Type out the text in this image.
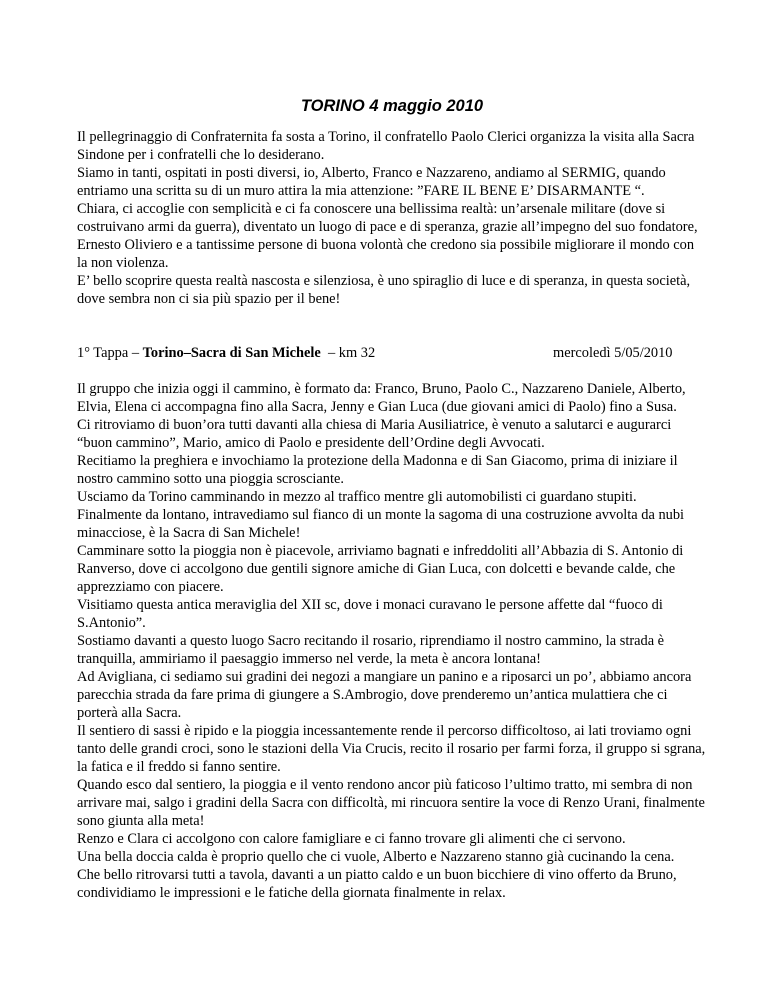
TORINO 4 maggio 2010

Il pellegrinaggio di Confraternita fa sosta a Torino, il confratello Paolo Clerici organizza la visita alla Sacra Sindone per i confratelli che lo desiderano.

Siamo in tanti, ospitati in posti diversi, io, Alberto, Franco e Nazzareno, andiamo al SERMIG, quando entriamo una scritta su di un muro attira la mia attenzione: ”FARE IL BENE E’ DISARMANTE “.

Chiara, ci accoglie con semplicità e ci fa conoscere una bellissima realtà: un’arsenale militare (dove si costruivano armi da guerra), diventato un luogo di pace e di speranza, grazie all’impegno del suo fondatore, Ernesto Oliviero e a tantissime persone di buona volontà che credono sia possibile migliorare il mondo con la non violenza.

E’ bello scoprire questa realtà nascosta e silenziosa, è uno spiraglio di luce e di speranza, in questa società, dove sembra non ci sia più spazio per il bene!

1° Tappa – Torino–Sacra di San Michele  – km 32	mercoledì 5/05/2010

Il gruppo che inizia oggi il cammino, è formato da: Franco, Bruno, Paolo C., Nazzareno Daniele, Alberto, Elvia, Elena ci accompagna fino alla Sacra, Jenny e Gian Luca (due giovani amici di Paolo) fino a Susa.

Ci ritroviamo di buon’ora tutti davanti alla chiesa di Maria Ausiliatrice, è venuto a salutarci e augurarci “buon cammino”, Mario, amico di Paolo e presidente dell’Ordine degli Avvocati.

Recitiamo la preghiera e invochiamo la protezione della Madonna e di San Giacomo, prima di iniziare il nostro cammino sotto una pioggia scrosciante.

Usciamo da Torino camminando in mezzo al traffico mentre gli automobilisti ci guardano stupiti.

Finalmente da lontano, intravediamo sul fianco di un monte la sagoma di una costruzione avvolta da nubi minacciose, è la Sacra di San Michele!

Camminare sotto la pioggia non è piacevole, arriviamo bagnati e infreddoliti all’Abbazia di S. Antonio di Ranverso, dove ci accolgono due gentili signore amiche di Gian Luca, con dolcetti e bevande calde, che apprezziamo con piacere.

Visitiamo questa antica meraviglia del XII sc, dove i monaci curavano le persone affette dal “fuoco di S.Antonio”.

Sostiamo davanti a questo luogo Sacro recitando il rosario, riprendiamo il nostro cammino, la strada è tranquilla, ammiriamo il paesaggio immerso nel verde, la meta è ancora lontana!

Ad Avigliana, ci sediamo sui gradini dei negozi a mangiare un panino e a riposarci un po’, abbiamo ancora parecchia strada da fare prima di giungere a S.Ambrogio, dove prenderemo un’antica mulattiera che ci porterà alla Sacra.

Il sentiero di sassi è ripido e la pioggia incessantemente rende il percorso difficoltoso, ai lati troviamo ogni tanto delle grandi croci, sono le stazioni della Via Crucis, recito il rosario per farmi forza, il gruppo si sgrana, la fatica e il freddo si fanno sentire.

Quando esco dal sentiero, la pioggia e il vento rendono ancor più faticoso l’ultimo tratto, mi sembra di non arrivare mai, salgo i gradini della Sacra con difficoltà, mi rincuora sentire la voce di Renzo Urani, finalmente sono giunta alla meta!

Renzo e Clara ci accolgono con calore famigliare e ci fanno trovare gli alimenti che ci servono.

Una bella doccia calda è proprio quello che ci vuole, Alberto e Nazzareno stanno già cucinando la cena.

Che bello ritrovarsi tutti a tavola, davanti a un piatto caldo e un buon bicchiere di vino offerto da Bruno, condividiamo le impressioni e le fatiche della giornata finalmente in relax.
